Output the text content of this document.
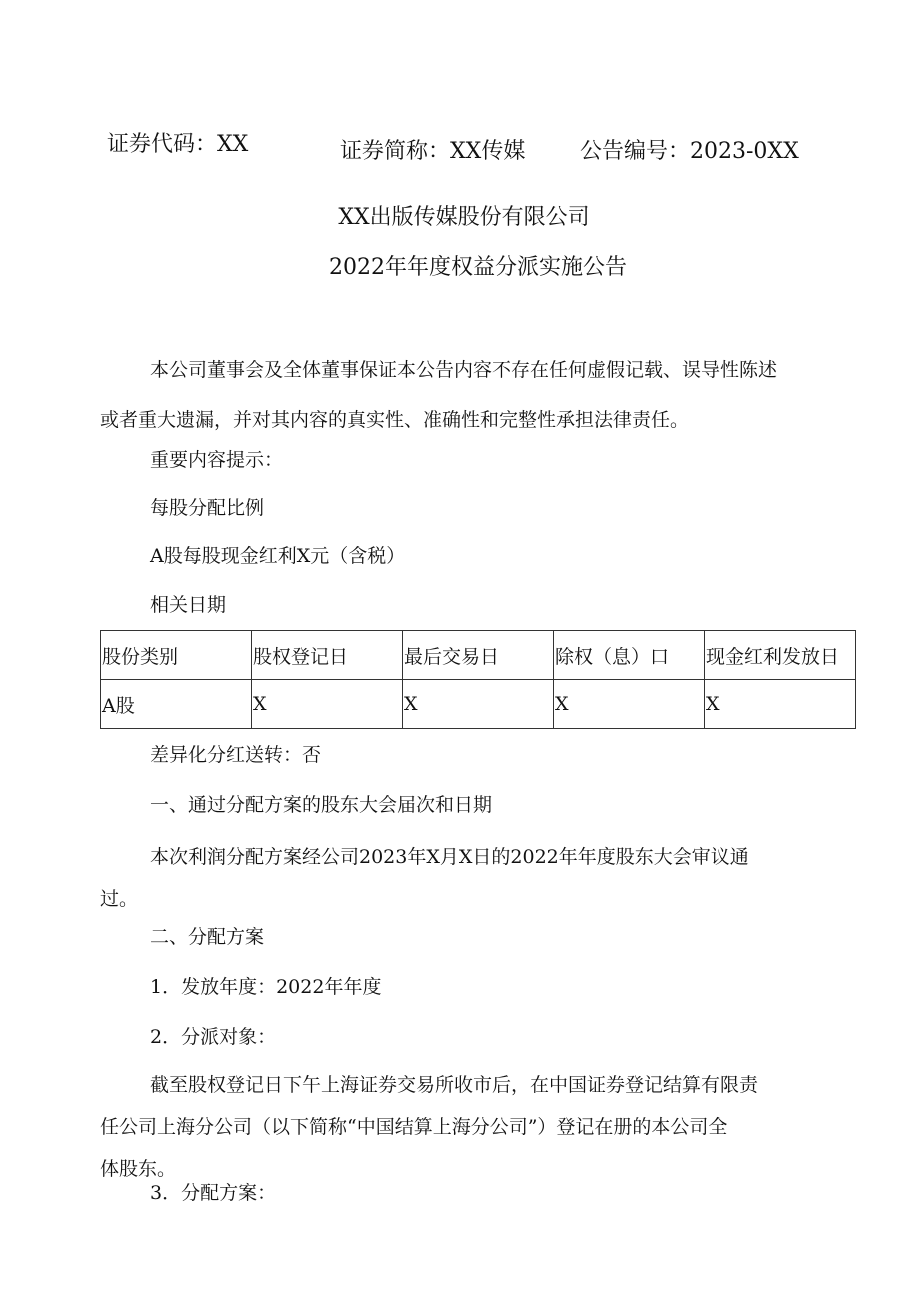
证券代码：XX	证券简称：XX传媒 公告编号：2023-0XX
XX出版传媒股份有限公司
2022年年度权益分派实施公告

本公司董事会及全体董事保证本公告内容不存在任何虚假记载、误导性陈述
或者重大遗漏，并对其内容的真实性、准确性和完整性承担法律责任。

重要内容提示：

每股分配比例

A股每股现金红利X元（含税）

相关日期

股份类别	股权登记日	最后交易日	除权（息）口	现金红利发放日
A股	X	X	X	X

差异化分红送转：否

一、通过分配方案的股东大会届次和日期

本次利润分配方案经公司2023年X月X日的2022年年度股东大会审议通
过。

二、分配方案

1．发放年度：2022年年度

2．分派对象：

截至股权登记日下午上海证券交易所收市后，在中国证券登记结算有限责
任公司上海分公司（以下简称“中国结算上海分公司”）登记在册的本公司全
体股东。

3．分配方案：
